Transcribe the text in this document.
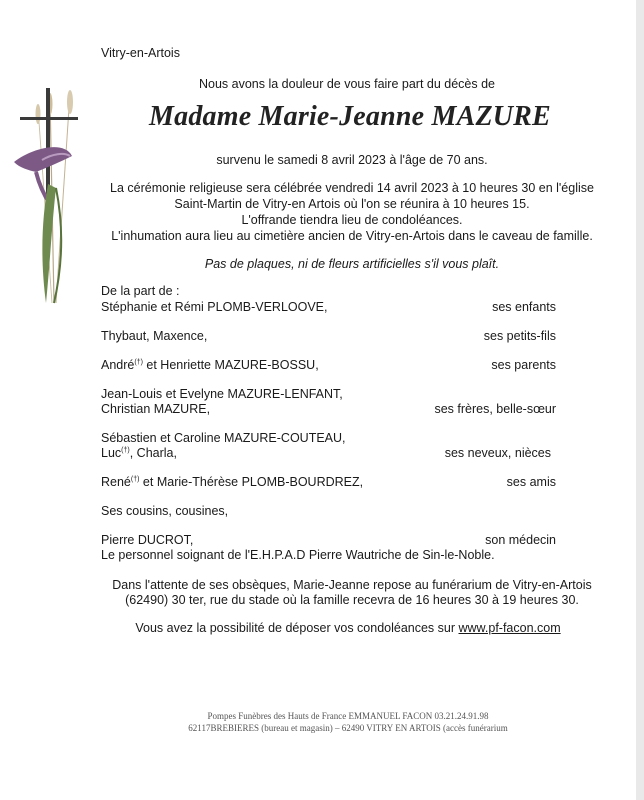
Vitry-en-Artois

Nous avons la douleur de vous faire part du décès de

Madame Marie-Jeanne MAZURE

survenu le samedi 8 avril 2023 à l'âge de 70 ans.

La cérémonie religieuse sera célébrée vendredi 14 avril 2023 à 10 heures 30 en l'église

Saint-Martin de Vitry-en Artois où l'on se réunira à 10 heures 15.

L'offrande tiendra lieu de condoléances.

L'inhumation aura lieu au cimetière ancien de Vitry-en-Artois dans le caveau de famille.

Pas de plaques, ni de fleurs artificielles s'il vous plaît.

De la part de :

Stéphanie et Rémi PLOMB-VERLOOVE,	ses enfants

Thybaut, Maxence,	ses petits-fils

André(†) et Henriette MAZURE-BOSSU,	ses parents

Jean-Louis et Evelyne MAZURE-LENFANT,

Christian MAZURE,	ses frères, belle-sœur

Sébastien et Caroline MAZURE-COUTEAU,

Luc(†), Charla,	ses neveux, nièces

René(†) et Marie-Thérèse PLOMB-BOURDREZ,	ses amis

Ses cousins, cousines,

Pierre DUCROT,	son médecin

Le personnel soignant de l'E.H.P.A.D Pierre Wautriche de Sin-le-Noble.

Dans l'attente de ses obsèques, Marie-Jeanne repose au funérarium de Vitry-en-Artois

(62490) 30 ter, rue du stade où la famille recevra de 16 heures 30 à 19 heures 30.

Vous avez la possibilité de déposer vos condoléances sur www.pf-facon.com

Pompes Funèbres des Hauts de France EMMANUEL FACON 03.21.24.91.98

62117BREBIERES (bureau et magasin) – 62490 VITRY EN ARTOIS (accès funérarium
